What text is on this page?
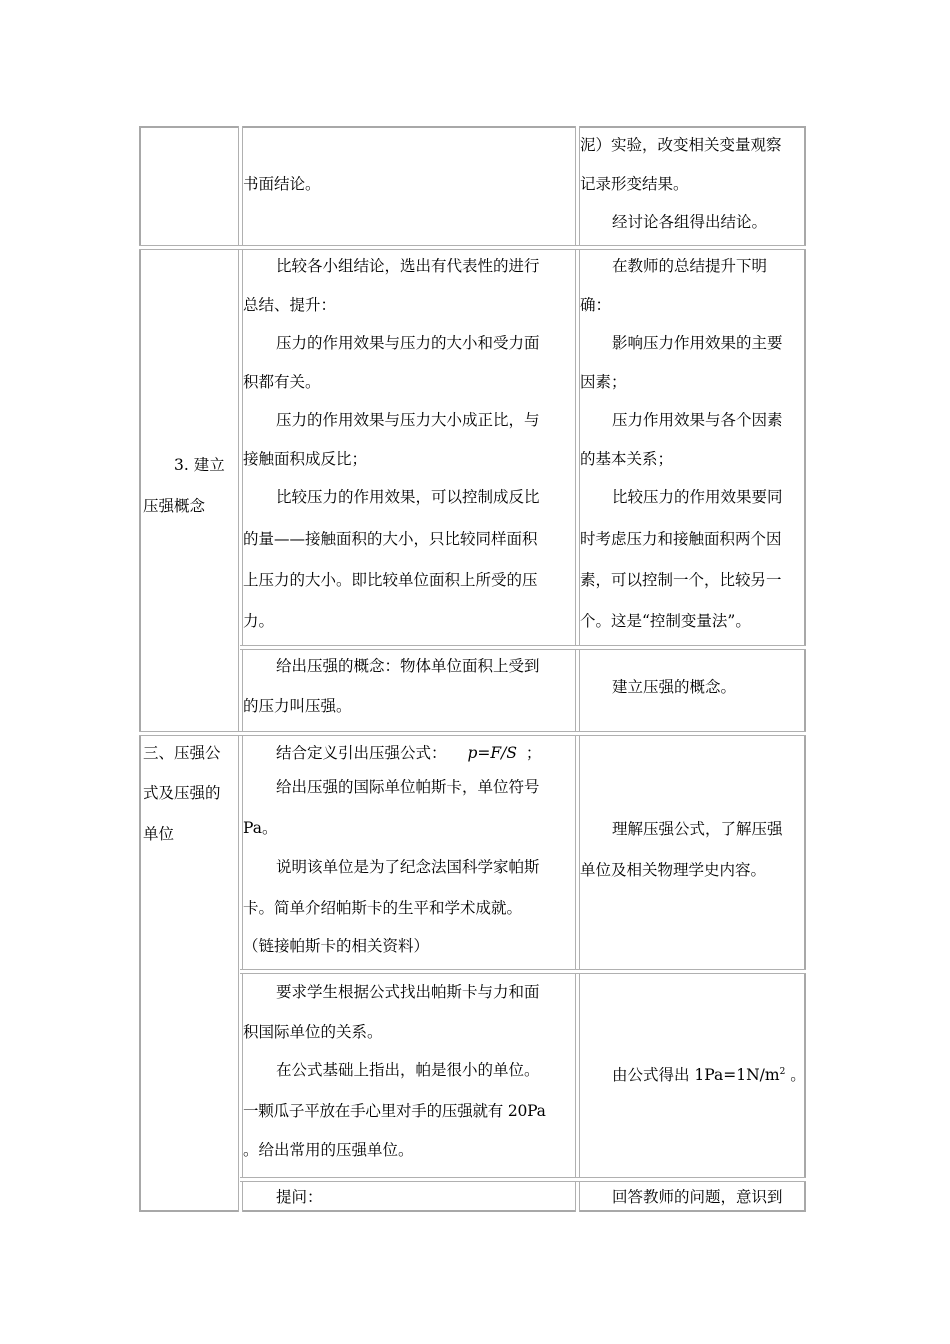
书面结论。
泥）实验，改变相关变量观察
记录形变结果。
经讨论各组得出结论。
3. 建立
压强概念
比较各小组结论，选出有代表性的进行
总结、提升：
压力的作用效果与压力的大小和受力面
积都有关。
压力的作用效果与压力大小成正比，与
接触面积成反比；
比较压力的作用效果，可以控制成反比
的量——接触面积的大小，只比较同样面积
上压力的大小。即比较单位面积上所受的压
力。
在教师的总结提升下明
确：
影响压力作用效果的主要
因素；
压力作用效果与各个因素
的基本关系；
比较压力的作用效果要同
时考虑压力和接触面积两个因
素，可以控制一个，比较另一
个。这是“控制变量法”。
给出压强的概念：物体单位面积上受到
的压力叫压强。
建立压强的概念。
三、压强公
式及压强的
单位
结合定义引出压强公式： p=F/S ；
给出压强的国际单位帕斯卡，单位符号
Pa。
说明该单位是为了纪念法国科学家帕斯
卡。简单介绍帕斯卡的生平和学术成就。
（链接帕斯卡的相关资料）
理解压强公式，了解压强
单位及相关物理学史内容。
要求学生根据公式找出帕斯卡与力和面
积国际单位的关系。
在公式基础上指出，帕是很小的单位。
一颗瓜子平放在手心里对手的压强就有 20Pa
。给出常用的压强单位。
由公式得出 $1Pa=1N/m^2$ 。
提问：	回答教师的问题，意识到
